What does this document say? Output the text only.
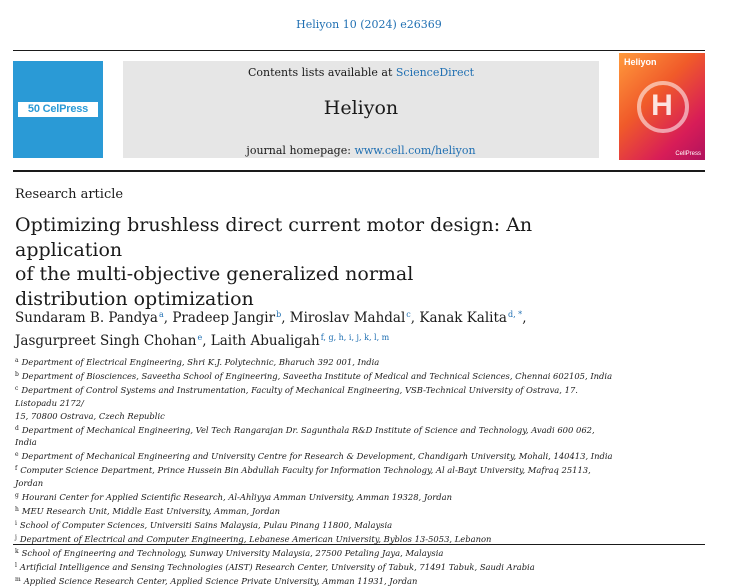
Heliyon 10 (2024) e26369
50 CelPress
Contents lists available at ScienceDirect
Heliyon
journal homepage: www.cell.com/heliyon
Heliyon
H
CellPress
Research article
Optimizing brushless direct current motor design: An application
of the multi-objective generalized normal
distribution optimization
Sundaram B. Pandya$^a$, Pradeep Jangir$^b$, Miroslav Mahdal$^c$, Kanak Kalita$^{d, *}$,
Jasgurpreet Singh Chohan$^e$, Laith Abualigah$^{f, g, h, i, j, k, l, m}$
$^a$ Department of Electrical Engineering, Shri K.J. Polytechnic, Bharuch 392 001, India
$^b$ Department of Biosciences, Saveetha School of Engineering, Saveetha Institute of Medical and Technical Sciences, Chennai 602105, India
$^c$ Department of Control Systems and Instrumentation, Faculty of Mechanical Engineering, VSB-Technical University of Ostrava, 17. Listopadu 2172/
15, 70800 Ostrava, Czech Republic
$^d$ Department of Mechanical Engineering, Vel Tech Rangarajan Dr. Sagunthala R&D Institute of Science and Technology, Avadi 600 062, India
$^e$ Department of Mechanical Engineering and University Centre for Research & Development, Chandigarh University, Mohali, 140413, India
$^f$ Computer Science Department, Prince Hussein Bin Abdullah Faculty for Information Technology, Al al-Bayt University, Mafraq 25113, Jordan
$^g$ Hourani Center for Applied Scientific Research, Al-Ahliyya Amman University, Amman 19328, Jordan
$^h$ MEU Research Unit, Middle East University, Amman, Jordan
$^i$ School of Computer Sciences, Universiti Sains Malaysia, Pulau Pinang 11800, Malaysia
$^j$ Department of Electrical and Computer Engineering, Lebanese American University, Byblos 13-5053, Lebanon
$^k$ School of Engineering and Technology, Sunway University Malaysia, 27500 Petaling Jaya, Malaysia
$^l$ Artificial Intelligence and Sensing Technologies (AIST) Research Center, University of Tabuk, 71491 Tabuk, Saudi Arabia
$^m$ Applied Science Research Center, Applied Science Private University, Amman 11931, Jordan
